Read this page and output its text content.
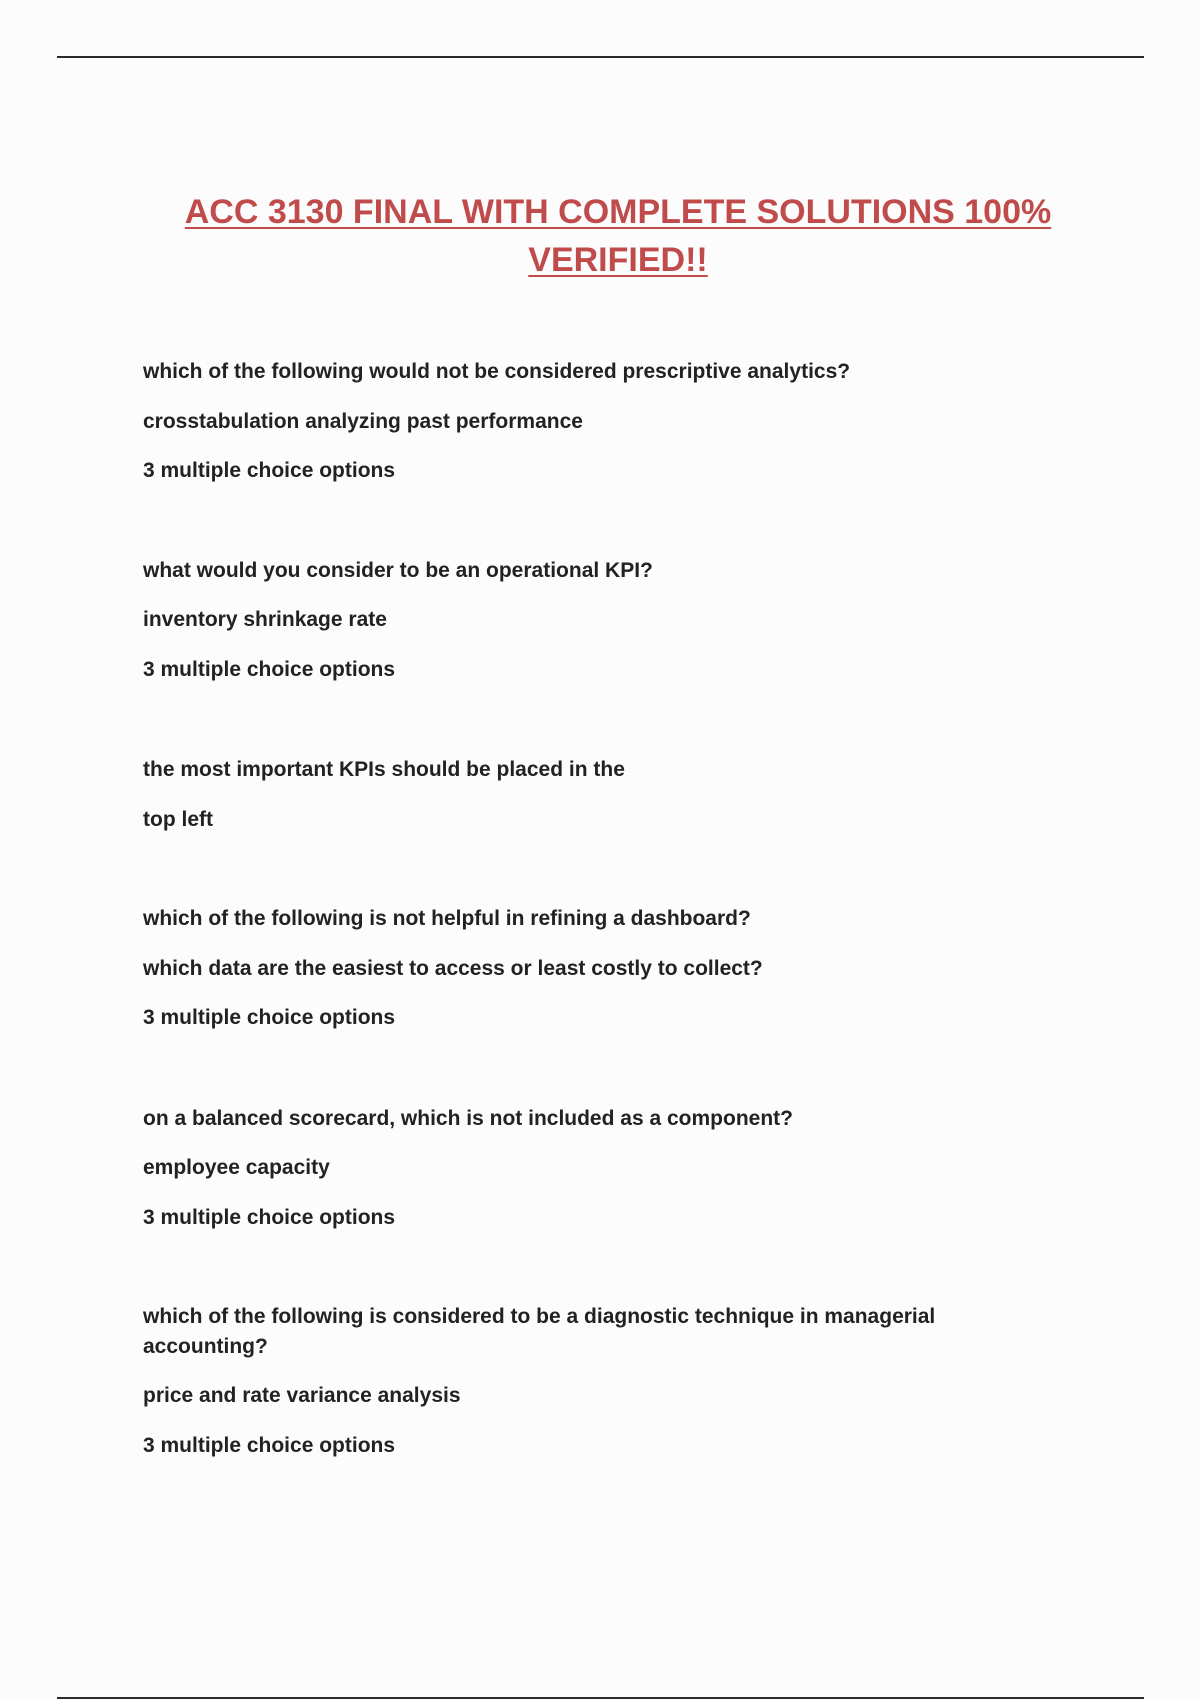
ACC 3130 FINAL WITH COMPLETE SOLUTIONS 100% VERIFIED!!

which of the following would not be considered prescriptive analytics?

crosstabulation analyzing past performance

3 multiple choice options

what would you consider to be an operational KPI?

inventory shrinkage rate

3 multiple choice options

the most important KPIs should be placed in the

top left

which of the following is not helpful in refining a dashboard?

which data are the easiest to access or least costly to collect?

3 multiple choice options

on a balanced scorecard, which is not included as a component?

employee capacity

3 multiple choice options

which of the following is considered to be a diagnostic technique in managerial accounting?

price and rate variance analysis

3 multiple choice options
